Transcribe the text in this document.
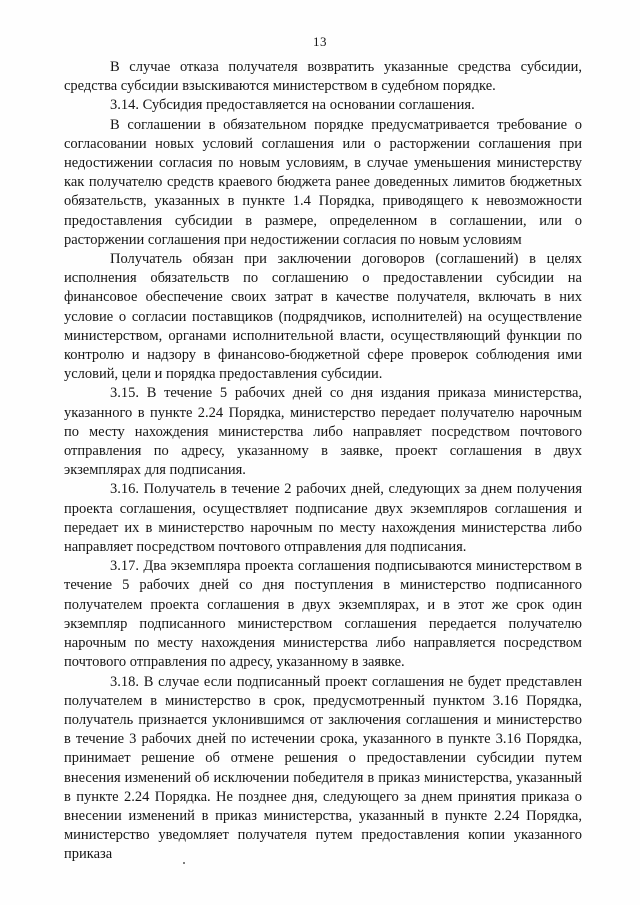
13

В случае отказа получателя возвратить указанные средства субсидии, средства субсидии взыскиваются министерством в судебном порядке.

3.14. Субсидия предоставляется на основании соглашения.

В соглашении в обязательном порядке предусматривается требование о согласовании новых условий соглашения или о расторжении соглашения при недостижении согласия по новым условиям, в случае уменьшения министерству как получателю средств краевого бюджета ранее доведенных лимитов бюджетных обязательств, указанных в пункте 1.4 Порядка, приводящего к невозможности предоставления субсидии в размере, определенном в соглашении, или о расторжении соглашения при недостижении согласия по новым условиям

Получатель обязан при заключении договоров (соглашений) в целях исполнения обязательств по соглашению о предоставлении субсидии на финансовое обеспечение своих затрат в качестве получателя, включать в них условие о согласии поставщиков (подрядчиков, исполнителей) на осуществление министерством, органами исполнительной власти, осуществляющий функции по контролю и надзору в финансово-бюджетной сфере проверок соблюдения ими условий, цели и порядка предоставления субсидии.

3.15. В течение 5 рабочих дней со дня издания приказа министерства, указанного в пункте 2.24 Порядка, министерство передает получателю нарочным по месту нахождения министерства либо направляет посредством почтового отправления по адресу, указанному в заявке, проект соглашения в двух экземплярах для подписания.

3.16. Получатель в течение 2 рабочих дней, следующих за днем получения проекта соглашения, осуществляет подписание двух экземпляров соглашения и передает их в министерство нарочным по месту нахождения министерства либо направляет посредством почтового отправления для подписания.

3.17. Два экземпляра проекта соглашения подписываются министерством в течение 5 рабочих дней со дня поступления в министерство подписанного получателем проекта соглашения в двух экземплярах, и в этот же срок один экземпляр подписанного министерством соглашения передается получателю нарочным по месту нахождения министерства либо направляется посредством почтового отправления по адресу, указанному в заявке.

3.18. В случае если подписанный проект соглашения не будет представлен получателем в министерство в срок, предусмотренный пунктом 3.16 Порядка, получатель признается уклонившимся от заключения соглашения и министерство в течение 3 рабочих дней по истечении срока, указанного в пункте 3.16 Порядка, принимает решение об отмене решения о предоставлении субсидии путем внесения изменений об исключении победителя в приказ министерства, указанный в пункте 2.24 Порядка. Не позднее дня, следующего за днем принятия приказа о внесении изменений в приказ министерства, указанный в пункте 2.24 Порядка, министерство уведомляет получателя путем предоставления копии указанного приказа
